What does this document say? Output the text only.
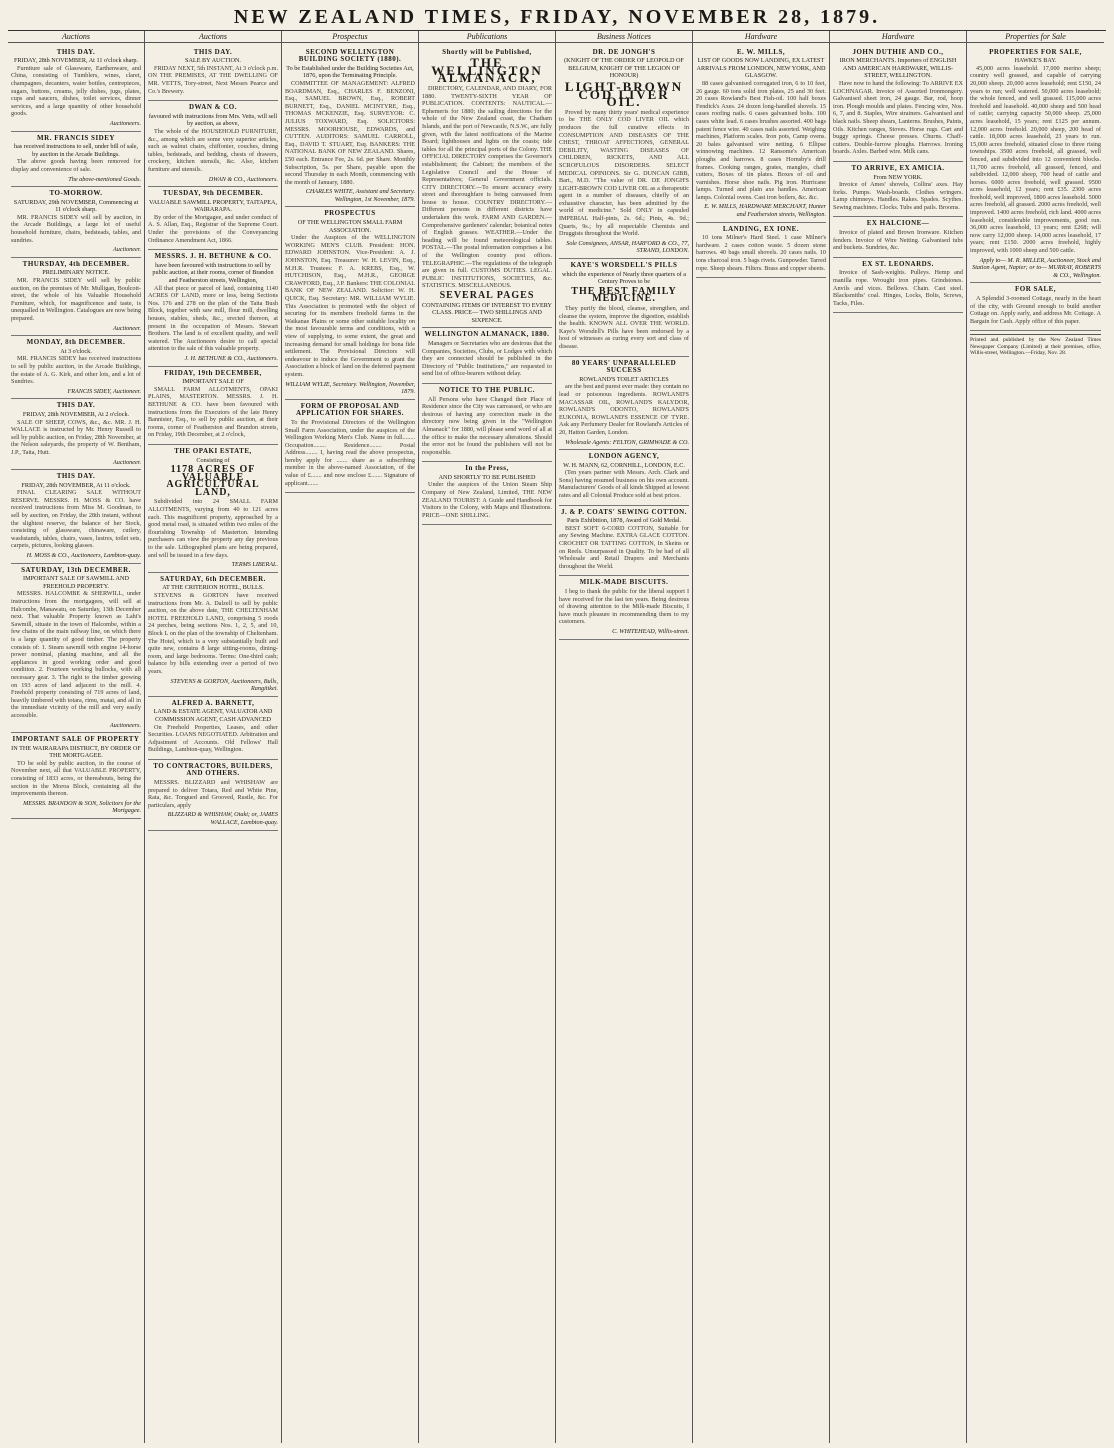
NEW ZEALAND TIMES, FRIDAY, NOVEMBER 28, 1879.
Auctions
THIS DAY.
FRIDAY, 28th NOVEMBER, At 11 o'clock sharp.

Furniture sale of Glassware, Earthenware, and China, consisting of Tumblers, wines, claret, champagnes, decanters, water bottles, centrepieces, sugars, buttons, creams, jelly dishes, jugs, plates, cups and saucers, dishes, toilet services, dinner services, and a large quantity of other household goods.

Auctioneers.
MR. FRANCIS SIDEY
has received instructions to sell, under bill of sale, by auction in the Arcade Buildings.

The above goods having been removed for display and convenience of sale.

The above-mentioned Goods.
TO-MORROW.
SATURDAY, 29th NOVEMBER, Commencing at 11 o'clock sharp.

MR. FRANCIS SIDEY will sell by auction, in the Arcade Buildings, a large lot of useful household furniture, chairs, bedsteads, tables, and sundries.

Auctioneer.
THURSDAY, 4th DECEMBER.
PRELIMINARY NOTICE.

MR. FRANCIS SIDEY will sell by public auction, on the premises of Mr. Mulligan, Boulcott-street, the whole of his Valuable Household Furniture, which, for magnificence and taste, is unequalled in Wellington. Catalogues are now being prepared.

Auctioneer.
MONDAY, 8th DECEMBER.
At 3 o'clock.

MR. FRANCIS SIDEY has received instructions to sell by public auction, in the Arcade Buildings, the estate of A. G. Kirk, and other lots, and a lot of Sundries.

FRANCIS SIDEY, Auctioneer.
THIS DAY.
FRIDAY, 28th NOVEMBER, At 2 o'clock.

SALE OF SHEEP, COWS, &c., &c. MR. J. H. WALLACE is instructed by Mr. Henry Russell to sell by public auction, on Friday, 28th November, at the Nelson saleyards, the property of W. Bentham, J.P., Taita, Hutt.

Auctioneer.
THIS DAY.
FRIDAY, 28th NOVEMBER, At 11 o'clock.

FINAL CLEARING SALE WITHOUT RESERVE. MESSRS. H. MOSS & CO. have received instructions from Miss M. Goodman, to sell by auction, on Friday, the 28th instant, without the slightest reserve, the balance of her Stock, consisting of glassware, chinaware, cutlery, washstands, tables, chairs, vases, lustres, toilet sets, carpets, pictures, looking glasses.

H. MOSS & CO., Auctioneers, Lambton-quay.
SATURDAY, 13th DECEMBER.
IMPORTANT SALE OF SAWMILL AND FREEHOLD PROPERTY.

MESSRS. HALCOMBE & SHERWILL, under instructions from the mortgagees, will sell at Halcombe, Manawatu, on Saturday, 13th December next. That valuable Property known as Lahi's Sawmill, situate in the town of Halcombe, within a few chains of the main railway line, on which there is a large quantity of good timber. The property consists of: 1. Steam sawmill with engine 14-horse power nominal, planing machine, and all the appliances in good working order and good condition. 2. Fourteen working bullocks, with all necessary gear. 3. The right to the timber growing on 193 acres of land adjacent to the mill. 4. Freehold property consisting of 719 acres of land, heavily timbered with totara, rimu, matai, and all in the immediate vicinity of the mill and very easily accessible.

Auctioneers.
IMPORTANT SALE OF PROPERTY
IN THE WAIRARAPA DISTRICT, BY ORDER OF THE MORTGAGEE.

TO be sold by public auction, in the course of November next, all that VALUABLE PROPERTY, consisting of 1833 acres, or thereabouts, being the section in the Moroa Block, containing all the improvements thereon.

MESSRS. BRANDON & SON, Solicitors for the Mortgagee.
Auctions
THIS DAY.
SALE BY AUCTION.

FRIDAY NEXT, 5th INSTANT, At 3 o'clock p.m. ON THE PREMISES, AT THE DWELLING OF MR. VETTS, Tory-street, Next Messrs Pearce and Co.'s Brewery.

DWAN & CO.
favoured with instructions from Mrs. Vetts, will sell by auction, as above,

The whole of the HOUSEHOLD FURNITURE, &c., among which are some very superior articles, such as walnut chairs, chiffonier, couches, dining tables, bedsteads, and bedding, chests of drawers, crockery, kitchen utensils, &c. Also, kitchen furniture and utensils.

DWAN & CO., Auctioneers.
TUESDAY, 9th DECEMBER.
VALUABLE SAWMILL PROPERTY, TAITAPEA, WAIRARAPA.

By order of the Mortgagee, and under conduct of A. S. Allan, Esq., Registrar of the Supreme Court. Under the provisions of the Conveyancing Ordinance Amendment Act, 1866.

MESSRS. J. H. BETHUNE & CO.
have been favoured with instructions to sell by public auction, at their rooms, corner of Brandon and Featherston streets, Wellington,

All that piece or parcel of land, containing 1140 ACRES OF LAND, more or less, being Sections Nos. 176 and 278 on the plan of the Taita Bush Block, together with saw mill, flour mill, dwelling houses, stables, sheds, &c., erected thereon, at present in the occupation of Messrs. Stewart Brothers. The land is of excellent quality, and well watered. The Auctioneers desire to call special attention to the sale of this valuable property.

J. H. BETHUNE & CO., Auctioneers.
FRIDAY, 19th DECEMBER,
IMPORTANT SALE OF

SMALL FARM ALLOTMENTS, OPAKI PLAINS, MASTERTON. MESSRS. J. H. BETHUNE & CO. have been favoured with instructions from the Executors of the late Henry Bannister, Esq., to sell by public auction, at their rooms, corner of Featherston and Brandon streets, on Friday, 19th December, at 2 o'clock,

THE OPAKI ESTATE,
Consisting of
1178 ACRES OF VALUABLE AGRICULTURAL LAND,

Subdivided into 24 SMALL FARM ALLOTMENTS, varying from 40 to 121 acres each. This magnificent property, approached by a good metal road, is situated within two miles of the flourishing Township of Masterton. Intending purchasers can view the property any day previous to the sale. Lithographed plans are being prepared, and will be issued in a few days.

TERMS LIBERAL.
SATURDAY, 6th DECEMBER.
AT THE CRITERION HOTEL, BULLS.

STEVENS & GORTON have received instructions from Mr. A. Dalzell to sell by public auction, on the above date, THE CHELTENHAM HOTEL FREEHOLD LAND, comprising 5 roods 24 perches, being sections Nos. 1, 2, 5, and 10, Block L on the plan of the township of Cheltenham. The Hotel, which is a very substantially built and quite new, contains 8 large sitting-rooms, dining-room, and large bedrooms. Terms: One-third cash; balance by bills extending over a period of two years.

STEVENS & GORTON, Auctioneers, Bulls, Rangitikei.
ALFRED A. BARNETT,
LAND & ESTATE AGENT, VALUATOR AND COMMISSION AGENT, CASH ADVANCED

On Freehold Properties, Leases, and other Securities. LOANS NEGOTIATED. Arbitration and Adjustment of Accounts. Old Fellows' Hall Buildings, Lambton-quay, Wellington.

TO CONTRACTORS, BUILDERS, AND OTHERS.

MESSRS. BLIZZARD and WHISHAW are prepared to deliver Totara, Red and White Pine, Rata, &c. Tongued and Grooved, Rustle, &c. For particulars, apply

BLIZZARD & WHISHAW, Otaki; or, JAMES WALLACE, Lambton-quay.
Prospectus
SECOND WELLINGTON BUILDING SOCIETY (1880).
To be Established under the Building Societies Act, 1876, upon the Terminating Principle.

COMMITTEE OF MANAGEMENT: ALFRED BOARDMAN, Esq., CHARLES F. BENZONI, Esq., SAMUEL BROWN, Esq., ROBERT BURNETT, Esq., DANIEL MCINTYRE, Esq., THOMAS MCKENZIE, Esq. SURVEYOR: C. JULIUS TOXWARD, Esq. SOLICITORS: MESSRS. MOORHOUSE, EDWARDS, and CUTTEN. AUDITORS: SAMUEL CARROLL, Esq., DAVID T. STUART, Esq. BANKERS: THE NATIONAL BANK OF NEW ZEALAND. Shares, £50 each. Entrance Fee, 2s. 6d. per Share. Monthly Subscription, 5s. per Share, payable upon the second Thursday in each Month, commencing with the month of January, 1880.

CHARLES WHITE, Assistant and Secretary. Wellington, 1st November, 1879.
PROSPECTUS
OF THE WELLINGTON SMALL FARM ASSOCIATION.

Under the Auspices of the WELLINGTON WORKING MEN'S CLUB. President: HON. EDWARD JOHNSTON. Vice-President: A. J. JOHNSTON, Esq. Treasurer: W. H. LEVIN, Esq., M.H.R. Trustees: F. A. KREBS, Esq., W. HUTCHISON, Esq., M.H.R., GEORGE CRAWFORD, Esq., J.P. Bankers: THE COLONIAL BANK OF NEW ZEALAND. Solicitor: W. H. QUICK, Esq. Secretary: MR. WILLIAM WYLIE. This Association is promoted with the object of securing for its members freehold farms in the Waikanae Plains or some other suitable locality on the most favourable terms and conditions, with a view of supplying, to some extent, the great and increasing demand for small holdings for bona fide settlement. The Provisional Directors will endeavour to induce the Government to grant the Association a block of land on the deferred payment system.

WILLIAM WYLIE, Secretary. Wellington, November, 1879.
FORM OF PROPOSAL AND APPLICATION FOR SHARES.

To the Provisional Directors of the Wellington Small Farm Association, under the auspices of the Wellington Working Men's Club. Name in full........ Occupation........ Residence........ Postal Address........ I, having read the above prospectus, hereby apply for ....... share as a subscribing member in the above-named Association, of the value of £....... and now enclose £....... Signature of applicant.......

Publications
Shortly will be Published,
THE WELLINGTON ALMANACK,

DIRECTORY, CALENDAR, AND DIARY, FOR 1880. TWENTY-SIXTH YEAR OF PUBLICATION. CONTENTS: NAUTICAL.—Ephemeris for 1880; the sailing directions for the whole of the New Zealand coast, the Chatham Islands, and the port of Newcastle, N.S.W., are fully given, with the latest notifications of the Marine Board; lighthouses and lights on the coasts; tide tables for all the principal ports of the Colony. THE OFFICIAL DIRECTORY comprises the Governor's establishment; the Cabinet; the members of the Legislative Council and the House of Representatives; General Government officials. CITY DIRECTORY.—To ensure accuracy every street and thoroughfare is being canvassed from house to house. COUNTRY DIRECTORY.—Different persons in different districts have undertaken this work. FARM AND GARDEN.—Comprehensive gardeners' calendar; botanical notes of English grasses. WEATHER.—Under the heading will be found meteorological tables. POSTAL.—The postal information comprises a list of the Wellington country post offices. TELEGRAPHIC.—The regulations of the telegraph are given in full. CUSTOMS DUTIES. LEGAL. PUBLIC INSTITUTIONS, SOCIETIES, &c. STATISTICS. MISCELLANEOUS.

SEVERAL PAGES
CONTAINING ITEMS OF INTEREST TO EVERY CLASS. PRICE— TWO SHILLINGS AND SIXPENCE.
WELLINGTON ALMANACK, 1880.

Managers or Secretaries who are desirous that the Companies, Societies, Clubs, or Lodges with which they are connected should be published in the Directory of "Public Institutions," are requested to send list of office-bearers without delay.

NOTICE TO THE PUBLIC.

All Persons who have Changed their Place of Residence since the City was canvassed, or who are desirous of having any correction made in the directory now being given in the "Wellington Almanack" for 1880, will please send word of all at the office to make the necessary alterations. Should the error not be found the publishers will not be responsible.

In the Press,
AND SHORTLY TO BE PUBLISHED

Under the auspices of the Union Steam Ship Company of New Zealand, Limited, THE NEW ZEALAND TOURIST: A Guide and Handbook for Visitors to the Colony, with Maps and Illustrations. PRICE—ONE SHILLING.

Business Notices
DR. DE JONGH'S
(KNIGHT OF THE ORDER OF LEOPOLD OF BELGIUM, KNIGHT OF THE LEGION OF HONOUR)
LIGHT-BROWN COD LIVER OIL.

Proved by many thirty years' medical experience to be THE ONLY COD LIVER OIL which produces the full curative effects in CONSUMPTION AND DISEASES OF THE CHEST, THROAT AFFECTIONS, GENERAL DEBILITY, WASTING DISEASES OF CHILDREN, RICKETS, AND ALL SCROFULOUS DISORDERS. SELECT MEDICAL OPINIONS. Sir G. DUNCAN GIBB, Bart., M.D. "The value of DR. DE JONGH'S LIGHT-BROWN COD LIVER OIL as a therapeutic agent in a number of diseases, chiefly of an exhaustive character, has been admitted by the world of medicine." Sold ONLY in capsuled IMPERIAL Half-pints, 2s. 6d.; Pints, 4s. 9d.; Quarts, 9s.; by all respectable Chemists and Druggists throughout the World.

Sole Consignees, ANSAR, HARFORD & CO., 77, STRAND, LONDON.
KAYE'S WORSDELL'S PILLS
which the experience of Nearly three quarters of a Century Proves to be
THE BEST FAMILY MEDICINE.

They purify the blood, cleanse, strengthen, and cleanse the system, improve the digestion, establish the health. KNOWN ALL OVER THE WORLD. Kaye's Worsdell's Pills have been endorsed by a host of witnesses as curing every sort and class of disease.

80 YEARS' UNPARALLELED SUCCESS
ROWLAND'S TOILET ARTICLES

are the best and purest ever made: they contain no lead or poisonous ingredients. ROWLAND'S MACASSAR OIL, ROWLAND'S KALYDOR, ROWLAND'S ODONTO, ROWLAND'S EUKONIA, ROWLAND'S ESSENCE OF TYRE. Ask any Perfumery Dealer for Rowland's Articles of 20, Hatton Garden, London.

Wholesale Agents: FELTON, GRIMWADE & CO.
LONDON AGENCY,
W. H. MANN, 62, CORNHILL, LONDON, E.C.

(Ten years partner with Messrs. Arch. Clark and Sons) having resumed business on his own account. Manufacturers' Goods of all kinds Shipped at lowest rates and all Colonial Produce sold at best prices.

J. & P. COATS' SEWING COTTON.
Paris Exhibition, 1878, Award of Gold Medal.

BEST SOFT 6-CORD COTTON, Suitable for any Sewing Machine. EXTRA GLACE COTTON. CROCHET OR TATTING COTTON, In Skeins or on Reels. Unsurpassed in Quality. To be had of all Wholesale and Retail Drapers and Merchants throughout the World.

MILK-MADE BISCUITS.

I beg to thank the public for the liberal support I have received for the last ten years. Being desirous of drawing attention to the Milk-made Biscuits, I have much pleasure in recommending them to my customers.

C. WHITEHEAD, Willis-street.
Hardware
E. W. MILLS,
LIST OF GOODS NOW LANDING, EX LATEST ARRIVALS FROM LONDON, NEW YORK, AND GLASGOW.

88 cases galvanised corrugated iron, 6 to 10 feet, 26 gauge. 60 tons solid iron plates, 25 and 30 feet. 20 cases Rowland's Best Fish-oil. 100 half boxes Fendick's Axes. 24 dozen long-handled shovels. 15 cases roofing nails. 6 cases galvanised bolts. 100 cases white lead. 6 cases brushes assorted. 400 bags patent fence wire. 40 cases nails assorted. Weighing machines, Platform scales. Iron pots, Camp ovens. 20 bales galvanised wire netting. 6 Ellipse winnowing machines. 12 Ransome's American ploughs and harrows. 8 cases Hornsby's drill frames. Cooking ranges, grates, mangles, chaff cutters, Boxes of tin plates. Boxes of oil and varnishes. Horse shoe nails. Pig iron. Hurricane lamps. Turned and plain axe handles. American lamps. Colonial ovens. Cast iron boilers, &c. &c.

E. W. MILLS, HARDWARE MERCHANT, Hunter and Featherston streets, Wellington.
LANDING, EX IONE.

10 tons Milner's Hard Steel. 1 case Milner's hardware. 2 cases cotton waste. 5 dozen stone barrows. 40 bags small shovels. 20 cases nails. 10 tons charcoal iron. 5 bags rivets. Gunpowder. Tarred rope. Sheep shears. Filters. Brass and copper sheets.

Hardware
JOHN DUTHIE AND CO.,
IRON MERCHANTS. Importers of ENGLISH AND AMERICAN HARDWARE, WILLIS-STREET, WELLINGTON.

Have now to hand the following: To ARRIVE EX LOCHNAGAR. Invoice of Assorted Ironmongery. Galvanised sheet iron, 24 gauge. Bar, rod, hoop iron. Plough moulds and plates. Fencing wire, Nos. 6, 7, and 8. Staples, Wire strainers. Galvanised and black nails. Sheep shears, Lanterns. Brushes, Paints, Oils. Kitchen ranges, Stoves. Horse rugs. Cart and buggy springs. Cheese presses. Churns. Chaff-cutters. Double-furrow ploughs. Harrows. Ironing boards. Axles. Barbed wire. Milk cans.

TO ARRIVE, EX AMICIA.
From NEW YORK.

Invoice of Ames' shovels, Collins' axes. Hay forks. Pumps. Wash-boards. Clothes wringers. Lamp chimneys. Handles. Rakes. Spades. Scythes. Sewing machines. Clocks. Tubs and pails. Brooms.

EX HALCIONE—

Invoice of plated and Brown Ironware. Kitchen fenders. Invoice of Wire Netting. Galvanised tubs and buckets. Sundries, &c.

EX ST. LEONARDS.

Invoice of Sash-weights. Pulleys. Hemp and manilla rope. Wrought iron pipes. Grindstones. Anvils and vices. Bellows. Chain. Cast steel. Blacksmiths' coal. Hinges, Locks, Bolts, Screws, Tacks, Files.

Properties for Sale
PROPERTIES FOR SALE,
HAWKE'S BAY.

45,000 acres leasehold. 17,000 merino sheep; country well grassed, and capable of carrying 20,000 sheep. 20,000 acres leasehold; rent £150, 24 years to run; well watered. 50,000 acres leasehold; the whole fenced, and well grassed. 115,000 acres freehold and leasehold. 40,000 sheep and 500 head of cattle; carrying capacity 50,000 sheep. 25,000 acres leasehold, 15 years; rent £125 per annum. 12,000 acres freehold. 20,000 sheep, 200 head of cattle. 18,000 acres leasehold, 23 years to run. 15,000 acres freehold, situated close to three rising townships. 3500 acres freehold, all grassed, well fenced, and subdivided into 12 convenient blocks. 11,700 acres freehold, all grassed, fenced, and subdivided. 12,000 sheep, 700 head of cattle and horses. 6000 acres freehold, well grassed. 9500 acres leasehold, 12 years; rent £35. 2300 acres freehold, well improved, 1800 acres leasehold. 5000 acres freehold, all grassed. 2000 acres freehold, well improved. 1400 acres freehold, rich land. 4000 acres leasehold, considerable improvements, good run. 36,000 acres leasehold, 13 years; rent £268; will now carry 12,000 sheep. 14,000 acres leasehold, 17 years; rent £150. 2000 acres freehold, highly improved, with 1000 sheep and 500 cattle.

Apply to— M. R. MILLER, Auctioneer, Stock and Station Agent, Napier; or to— MURRAY, ROBERTS & CO., Wellington.
FOR SALE,

A Splendid 3-roomed Cottage, nearly in the heart of the city, with Ground enough to build another Cottage on. Apply early, and address Mr. Cottage. A Bargain for Cash. Apply office of this paper.

Printed and published by the New Zealand Times Newspaper Company (Limited) at their premises, office, Willis-street, Wellington.—Friday, Nov. 28.
